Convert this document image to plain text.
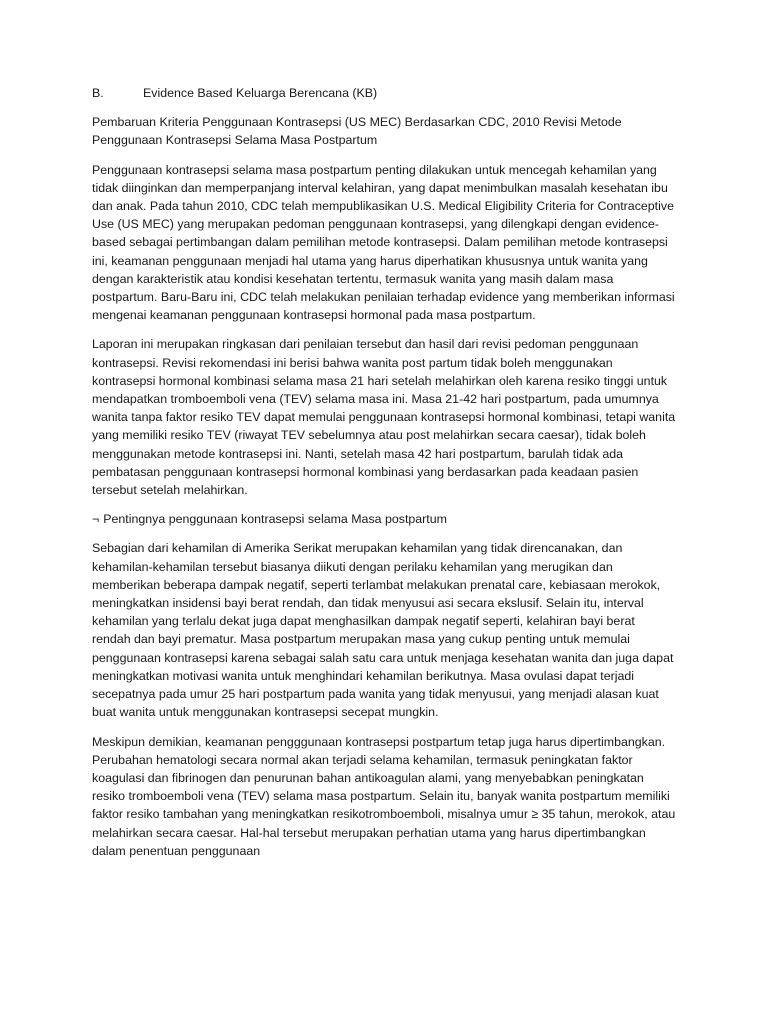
B.	Evidence Based Keluarga Berencana (KB)
Pembaruan Kriteria Penggunaan Kontrasepsi (US MEC) Berdasarkan CDC, 2010 Revisi Metode Penggunaan Kontrasepsi Selama Masa Postpartum
Penggunaan kontrasepsi selama masa postpartum penting dilakukan untuk mencegah kehamilan yang tidak diinginkan dan memperpanjang interval kelahiran, yang dapat menimbulkan masalah kesehatan ibu dan anak. Pada tahun 2010, CDC telah mempublikasikan U.S. Medical Eligibility Criteria for Contraceptive Use (US MEC) yang merupakan pedoman penggunaan kontrasepsi, yang dilengkapi dengan evidence-based sebagai pertimbangan dalam pemilihan metode kontrasepsi. Dalam pemilihan metode kontrasepsi ini, keamanan penggunaan menjadi hal utama yang harus diperhatikan khususnya untuk wanita yang dengan karakteristik atau kondisi kesehatan tertentu, termasuk wanita yang masih dalam masa postpartum. Baru-Baru ini, CDC telah melakukan penilaian terhadap evidence yang memberikan informasi mengenai keamanan penggunaan kontrasepsi hormonal pada masa postpartum.
Laporan ini merupakan ringkasan dari penilaian tersebut dan hasil dari revisi pedoman penggunaan kontrasepsi. Revisi rekomendasi ini berisi bahwa wanita post partum tidak boleh menggunakan kontrasepsi hormonal kombinasi selama masa 21 hari setelah melahirkan oleh karena resiko tinggi untuk mendapatkan tromboemboli vena (TEV) selama masa ini. Masa 21-42 hari postpartum, pada umumnya wanita tanpa faktor resiko TEV dapat memulai penggunaan kontrasepsi hormonal kombinasi, tetapi wanita yang memiliki resiko TEV (riwayat TEV sebelumnya atau post melahirkan secara caesar), tidak boleh menggunakan metode kontrasepsi ini. Nanti, setelah masa 42 hari postpartum, barulah tidak ada pembatasan penggunaan kontrasepsi hormonal kombinasi yang berdasarkan pada keadaan pasien tersebut setelah melahirkan.
¬ Pentingnya penggunaan kontrasepsi selama Masa postpartum
Sebagian dari kehamilan di Amerika Serikat merupakan kehamilan yang tidak direncanakan, dan kehamilan-kehamilan tersebut biasanya diikuti dengan perilaku kehamilan yang merugikan dan memberikan beberapa dampak negatif, seperti terlambat melakukan prenatal care, kebiasaan merokok, meningkatkan insidensi bayi berat rendah, dan tidak menyusui asi secara ekslusif. Selain itu, interval kehamilan yang terlalu dekat juga dapat menghasilkan dampak negatif seperti, kelahiran bayi berat rendah dan bayi prematur. Masa postpartum merupakan masa yang cukup penting untuk memulai penggunaan kontrasepsi karena sebagai salah satu cara untuk menjaga kesehatan wanita dan juga dapat meningkatkan motivasi wanita untuk menghindari kehamilan berikutnya. Masa ovulasi dapat terjadi secepatnya pada umur 25 hari postpartum pada wanita yang tidak menyusui, yang menjadi alasan kuat buat wanita untuk menggunakan kontrasepsi secepat mungkin.
Meskipun demikian, keamanan pengggunaan kontrasepsi postpartum tetap juga harus dipertimbangkan. Perubahan hematologi secara normal akan terjadi selama kehamilan, termasuk peningkatan faktor koagulasi dan fibrinogen dan penurunan bahan antikoagulan alami, yang menyebabkan peningkatan resiko tromboemboli vena (TEV) selama masa postpartum. Selain itu, banyak wanita postpartum memiliki faktor resiko tambahan yang meningkatkan resikotromboemboli, misalnya umur ≥ 35 tahun, merokok, atau melahirkan secara caesar. Hal-hal tersebut merupakan perhatian utama yang harus dipertimbangkan dalam penentuan penggunaan
